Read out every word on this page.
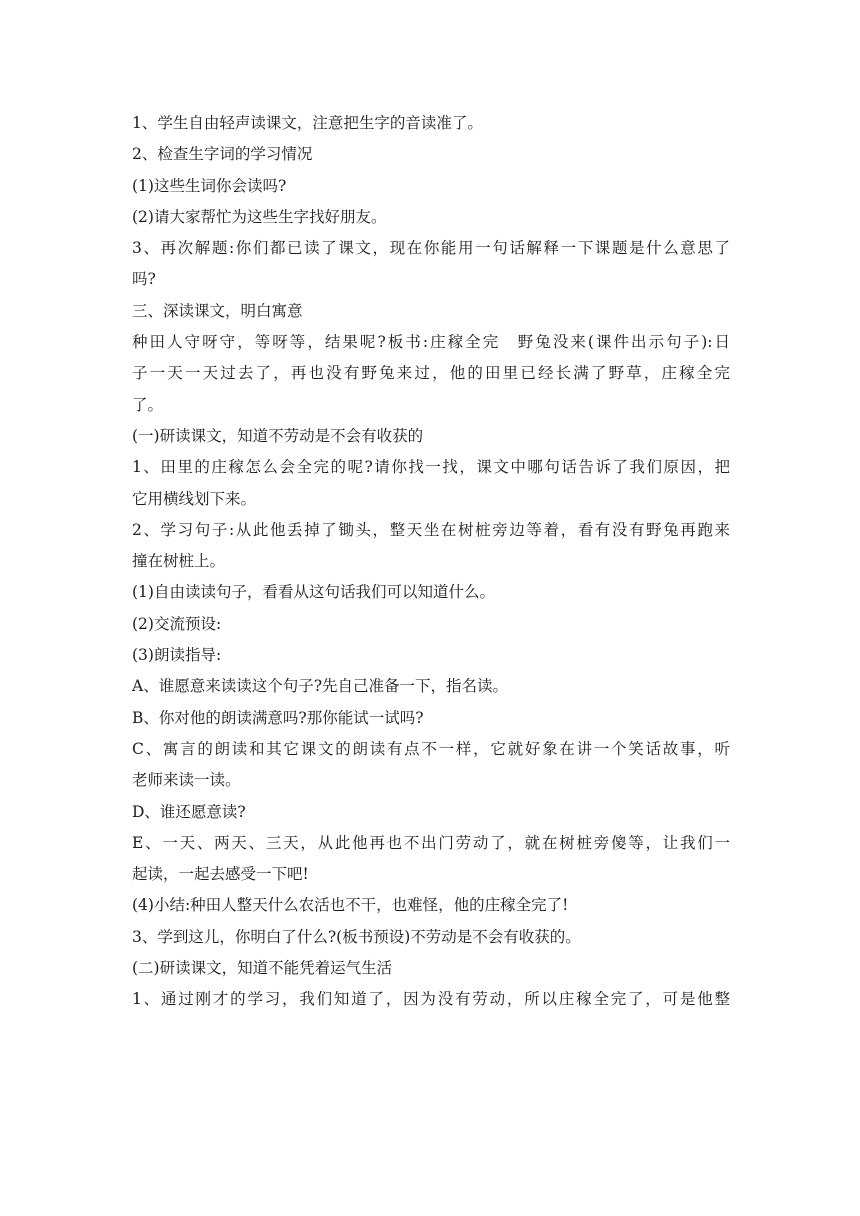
1、学生自由轻声读课文，注意把生字的音读准了。
2、检查生字词的学习情况
(1)这些生词你会读吗?
(2)请大家帮忙为这些生字找好朋友。
3、再次解题:你们都已读了课文，现在你能用一句话解释一下课题是什么意思了
吗?
三、深读课文，明白寓意
种田人守呀守，等呀等，结果呢?板书:庄稼全完　野兔没来(课件出示句子):日
子一天一天过去了，再也没有野兔来过，他的田里已经长满了野草，庄稼全完
了。
(一)研读课文，知道不劳动是不会有收获的
1、田里的庄稼怎么会全完的呢?请你找一找，课文中哪句话告诉了我们原因，把
它用横线划下来。
2、学习句子:从此他丢掉了锄头，整天坐在树桩旁边等着，看有没有野兔再跑来
撞在树桩上。
(1)自由读读句子，看看从这句话我们可以知道什么。
(2)交流预设:
(3)朗读指导:
A、谁愿意来读读这个句子?先自己准备一下，指名读。
B、你对他的朗读满意吗?那你能试一试吗?
C、寓言的朗读和其它课文的朗读有点不一样，它就好象在讲一个笑话故事，听
老师来读一读。
D、谁还愿意读?
E、一天、两天、三天，从此他再也不出门劳动了，就在树桩旁傻等，让我们一
起读，一起去感受一下吧!
(4)小结:种田人整天什么农活也不干，也难怪，他的庄稼全完了!
3、学到这儿，你明白了什么?(板书预设)不劳动是不会有收获的。
(二)研读课文，知道不能凭着运气生活
1、通过刚才的学习，我们知道了，因为没有劳动，所以庄稼全完了，可是他整
